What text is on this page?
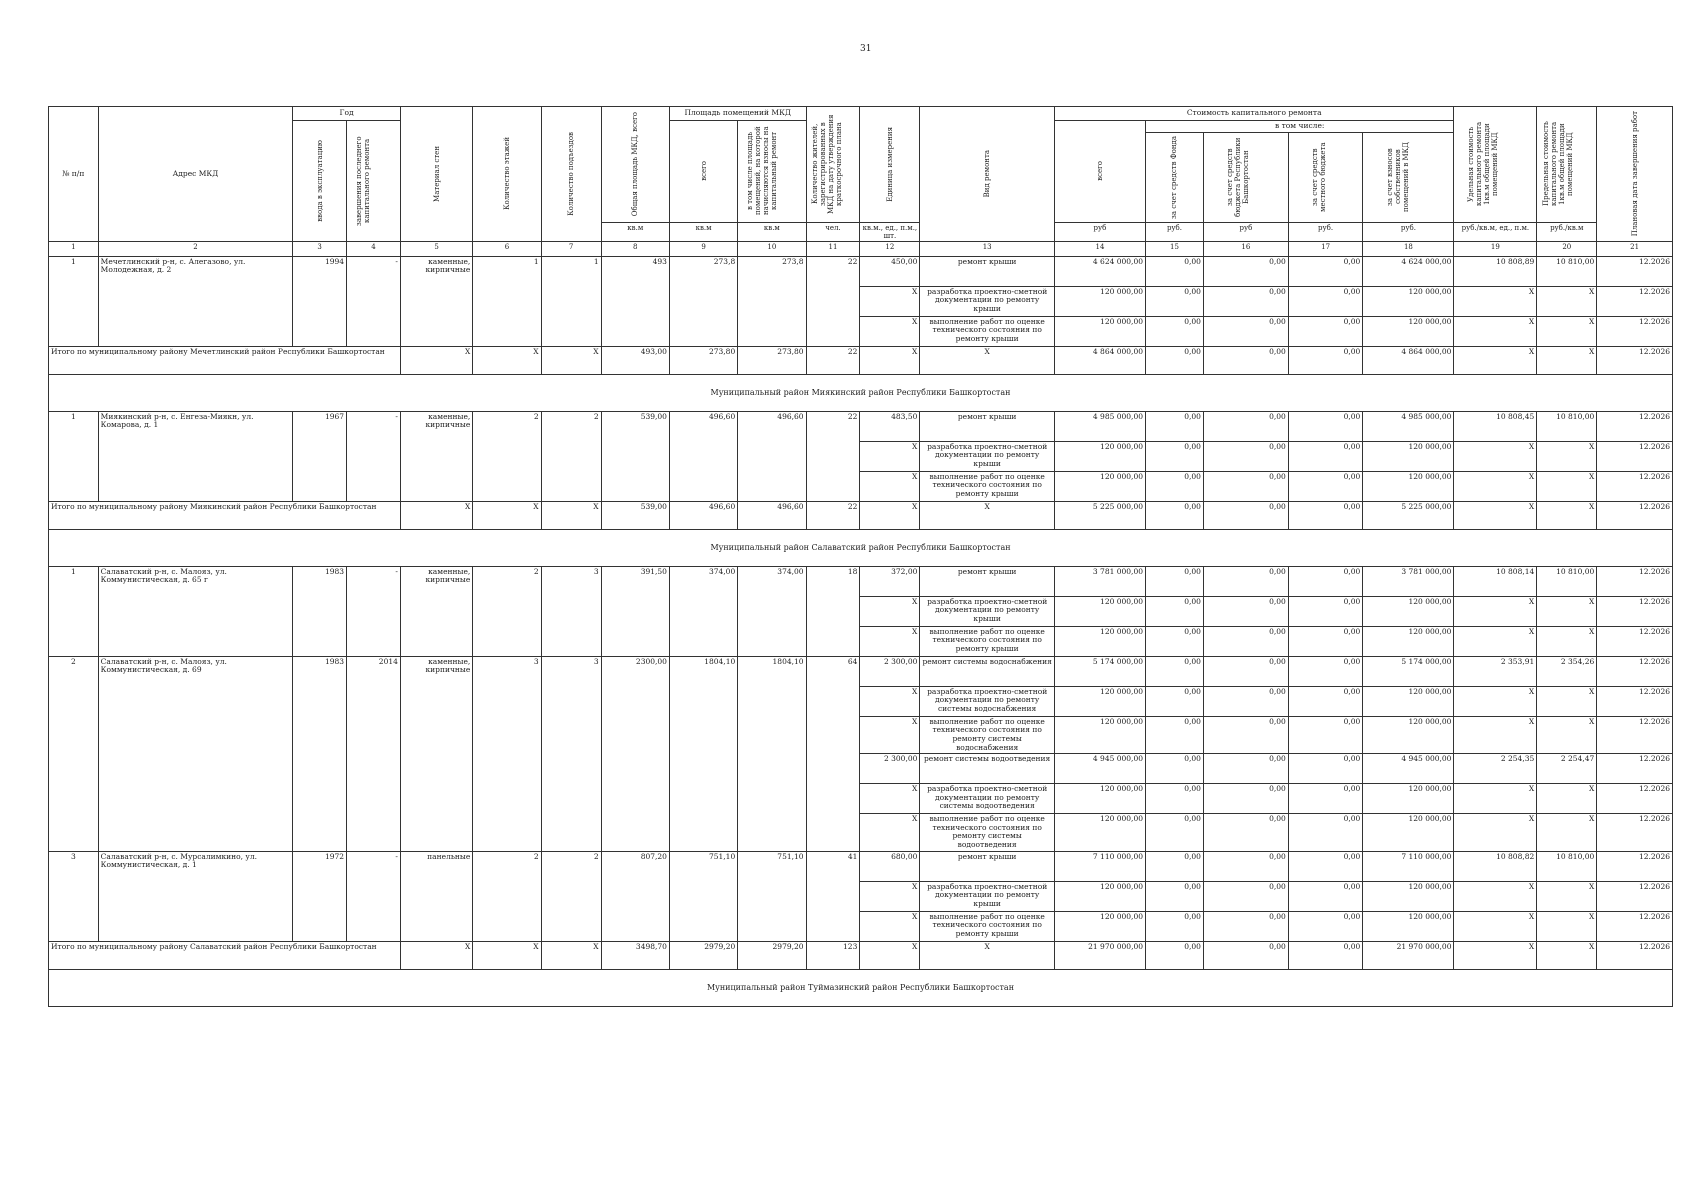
31
№ п/п	Адрес МКД	Год		Материал стен	Количество этажей	Количество подъездов	Общая площадь МКД, всего	Площадь помещений МКД		Количество жителей, зарегистрированных в МКД на дату утверждения краткосрочного плана	Единица измерения	Вид ремонта	Стоимость капитального ремонта					Удельная стоимость капитального ремонта 1кв.м общей площади помещений МКД	Предельная стоимость капитального ремонта 1кв.м общей площади помещений МКД	Плановая дата завершения работ

		ввода в эксплуатацию	завершения последнего капитального ремонта					всего	в том числе площадь помещений, на которой начисляются взносы на капитальный ремонт				всего	в том числе:						

														за счет средств Фонда	за счет средств бюджета Республики Башкортостан	за счет средств местного бюджета	за счет взносов собственников помещений в МКД			

							кв.м	кв.м	кв.м	чел.	кв.м., ед., п.м., шт.		руб	руб.	руб	руб.	руб.	руб./кв.м, ед., п.м.	руб./кв.м	
1	2	3	4	5	6	7	8	9	10	11	12	13	14	15	16	17	18	19	20	21
1	Мечетлинский р-н, с. Алегазово, ул. Молодежная, д. 2	1994	-	каменные, кирпичные	1	1	493	273,8	273,8	22	450,00	ремонт крыши	4 624 000,00	0,00	0,00	0,00	4 624 000,00	10 808,89	10 810,00	12.2026
											X	разработка проектно-сметной документации по ремонту крыши	120 000,00	0,00	0,00	0,00	120 000,00	X	X	12.2026
											X	выполнение работ по оценке технического состояния по ремонту крыши	120 000,00	0,00	0,00	0,00	120 000,00	X	X	12.2026
Итого по муниципальному району Мечетлинский район Республики Башкортостан				X	X	X	493,00	273,80	273,80	22	X	X	4 864 000,00	0,00	0,00	0,00	4 864 000,00	X	X	12.2026
Муниципальный район Миякинский район Республики Башкортостан																				
1	Миякинский р-н, с. Енгеза-Миякн, ул. Комарова, д. 1	1967	-	каменные, кирпичные	2	2	539,00	496,60	496,60	22	483,50	ремонт крыши	4 985 000,00	0,00	0,00	0,00	4 985 000,00	10 808,45	10 810,00	12.2026
											X	разработка проектно-сметной документации по ремонту крыши	120 000,00	0,00	0,00	0,00	120 000,00	X	X	12.2026
											X	выполнение работ по оценке технического состояния по ремонту крыши	120 000,00	0,00	0,00	0,00	120 000,00	X	X	12.2026
Итого по муниципальному району Миякинский район Республики Башкортостан				X	X	X	539,00	496,60	496,60	22	X	X	5 225 000,00	0,00	0,00	0,00	5 225 000,00	X	X	12.2026
Муниципальный район Салаватский район Республики Башкортостан																				
1	Салаватский р-н, с. Малояз, ул. Коммунистическая, д. 65 г	1983	-	каменные, кирпичные	2	3	391,50	374,00	374,00	18	372,00	ремонт крыши	3 781 000,00	0,00	0,00	0,00	3 781 000,00	10 808,14	10 810,00	12.2026
											X	разработка проектно-сметной документации по ремонту крыши	120 000,00	0,00	0,00	0,00	120 000,00	X	X	12.2026
											X	выполнение работ по оценке технического состояния по ремонту крыши	120 000,00	0,00	0,00	0,00	120 000,00	X	X	12.2026
2	Салаватский р-н, с. Малояз, ул. Коммунистическая, д. 69	1983	2014	каменные, кирпичные	3	3	2300,00	1804,10	1804,10	64	2 300,00	ремонт системы водоснабжения	5 174 000,00	0,00	0,00	0,00	5 174 000,00	2 353,91	2 354,26	12.2026
											X	разработка проектно-сметной документации по ремонту системы водоснабжения	120 000,00	0,00	0,00	0,00	120 000,00	X	X	12.2026
											X	выполнение работ по оценке технического состояния по ремонту системы водоснабжения	120 000,00	0,00	0,00	0,00	120 000,00	X	X	12.2026
											2 300,00	ремонт системы водоотведения	4 945 000,00	0,00	0,00	0,00	4 945 000,00	2 254,35	2 254,47	12.2026
											X	разработка проектно-сметной документации по ремонту системы водоотведения	120 000,00	0,00	0,00	0,00	120 000,00	X	X	12.2026
											X	выполнение работ по оценке технического состояния по ремонту системы водоотведения	120 000,00	0,00	0,00	0,00	120 000,00	X	X	12.2026
3	Салаватский р-н, с. Мурсалимкино, ул. Коммунистическая, д. 1	1972	-	панельные	2	2	807,20	751,10	751,10	41	680,00	ремонт крыши	7 110 000,00	0,00	0,00	0,00	7 110 000,00	10 808,82	10 810,00	12.2026
											X	разработка проектно-сметной документации по ремонту крыши	120 000,00	0,00	0,00	0,00	120 000,00	X	X	12.2026
											X	выполнение работ по оценке технического состояния по ремонту крыши	120 000,00	0,00	0,00	0,00	120 000,00	X	X	12.2026
Итого по муниципальному району Салаватский район Республики Башкортостан				X	X	X	3498,70	2979,20	2979,20	123	X	X	21 970 000,00	0,00	0,00	0,00	21 970 000,00	X	X	12.2026
Муниципальный район Туймазинский район Республики Башкортостан																				
